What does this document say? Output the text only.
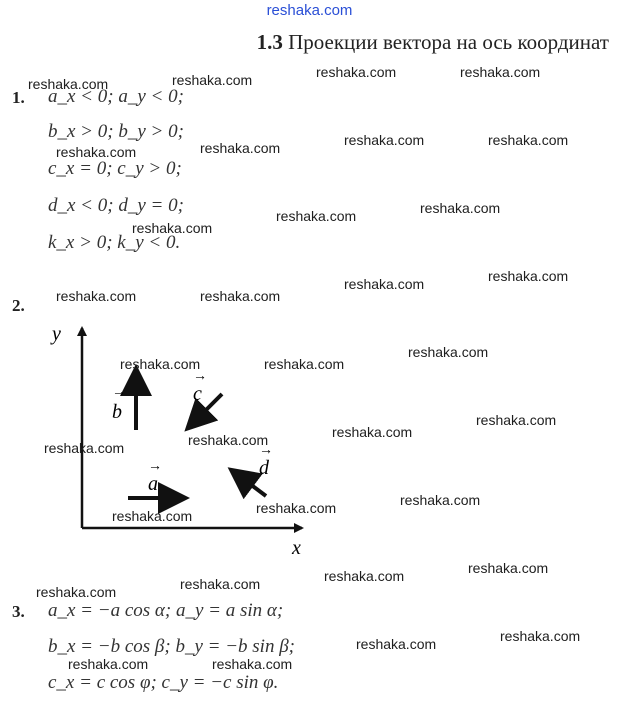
reshaka.com
1.3 Проекции вектора на ось координат
1. a_x < 0; a_y < 0;
b_x > 0; b_y > 0;
c_x = 0; c_y > 0;
d_x < 0; d_y = 0;
k_x > 0; k_y < 0.
2.
y
x
b
→	c
→
a
→	d
→
3. a_x = −a cos α; a_y = a sin α;
b_x = −b cos β; b_y = −b sin β;
c_x = c cos φ; c_y = −c sin φ.
reshaka.com	reshaka.com	reshaka.com	reshaka.com
reshaka.com	reshaka.com	reshaka.com	reshaka.com
reshaka.com
reshaka.com	reshaka.com
reshaka.com	reshaka.com
reshaka.com	reshaka.com
reshaka.com	reshaka.com
reshaka.com
reshaka.com	reshaka.com
reshaka.com
reshaka.com
reshaka.com	reshaka.com
reshaka.com
reshaka.com	reshaka.com	reshaka.com	reshaka.com
reshaka.com	reshaka.com
reshaka.com	reshaka.com
